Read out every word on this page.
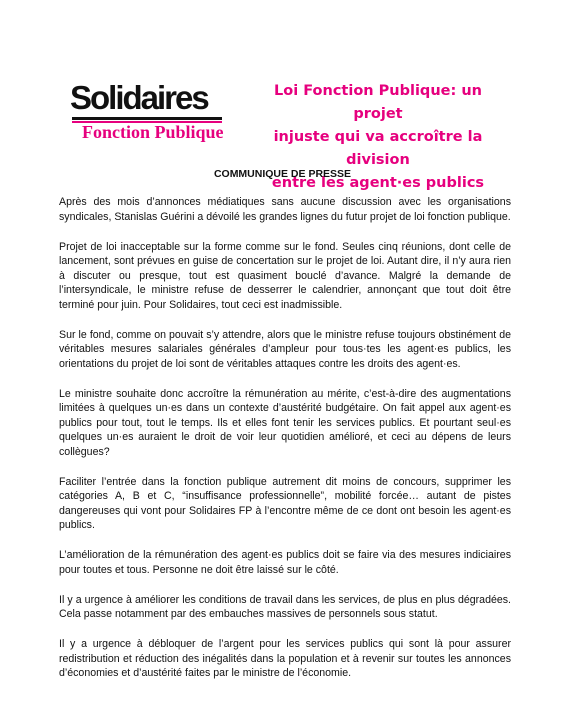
Solidaires
Fonction Publique
Loi Fonction Publique: un projet
injuste qui va accroître la division
entre les agent·es publics
COMMUNIQUE DE PRESSE

Après des mois d’annonces médiatiques sans aucune discussion avec les organisations syndicales, Stanislas Guérini a dévoilé les grandes lignes du futur projet de loi fonction publique.

Projet de loi inacceptable sur la forme comme sur le fond. Seules cinq réunions, dont celle de lancement, sont prévues en guise de concertation sur le projet de loi. Autant dire, il n’y aura rien à discuter ou presque, tout est quasiment bouclé d’avance. Malgré la demande de l’intersyndicale, le ministre refuse de desserrer le calendrier, annonçant que tout doit être terminé pour juin. Pour Solidaires, tout ceci est inadmissible.

Sur le fond, comme on pouvait s’y attendre, alors que le ministre refuse toujours obstinément de véritables mesures salariales générales d’ampleur pour tous·tes les agent·es publics, les orientations du projet de loi sont de véritables attaques contre les droits des agent·es.

Le ministre souhaite donc accroître la rémunération au mérite, c’est-à-dire des augmentations limitées à quelques un·es dans un contexte d’austérité budgétaire. On fait appel aux agent·es publics pour tout, tout le temps. Ils et elles font tenir les services publics. Et pourtant seul·es quelques un·es auraient le droit de voir leur quotidien amélioré, et ceci au dépens de leurs collègues?

Faciliter l’entrée dans la fonction publique autrement dit moins de concours, supprimer les catégories A, B et C, “insuffisance professionnelle”, mobilité forcée… autant de pistes dangereuses qui vont pour Solidaires FP à l’encontre même de ce dont ont besoin les agent·es publics.

L’amélioration de la rémunération des agent·es publics doit se faire via des mesures indiciaires pour toutes et tous. Personne ne doit être laissé sur le côté.

Il y a urgence à améliorer les conditions de travail dans les services, de plus en plus dégradées. Cela passe notamment par des embauches massives de personnels sous statut.

Il y a urgence à débloquer de l’argent pour les services publics qui sont là pour assurer redistribution et réduction des inégalités dans la population et à revenir sur toutes les annonces d’économies et d’austérité faites par le ministre de l’économie.
